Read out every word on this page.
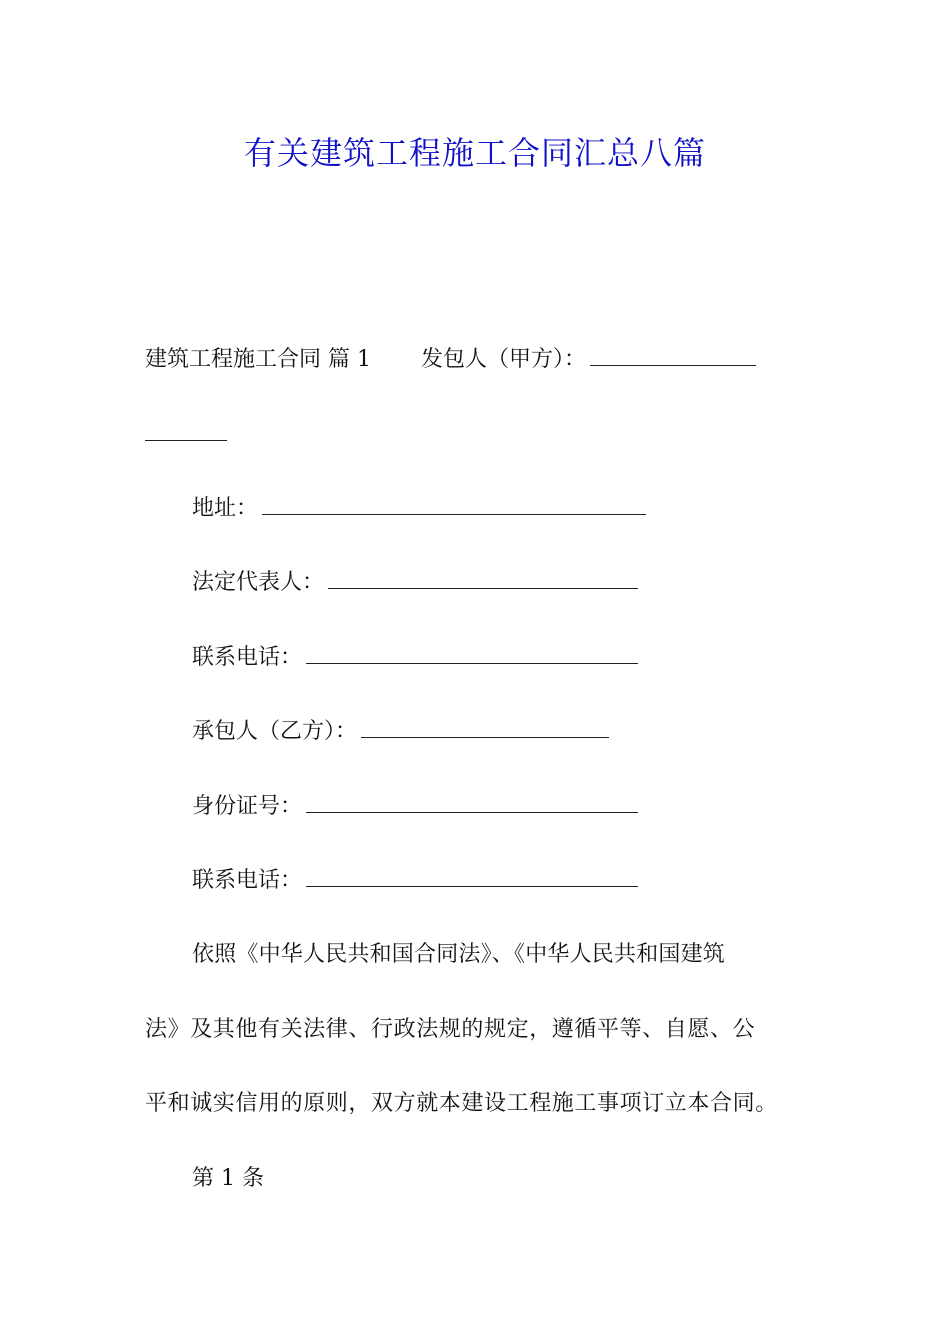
有关建筑工程施工合同汇总八篇
建筑工程施工合同 篇 1 发包人（甲方）：
地址：
法定代表人：
联系电话：
承包人（乙方）：
身份证号：
联系电话：
依照《中华人民共和国合同法》、《中华人民共和国建筑
法》及其他有关法律、行政法规的规定，遵循平等、自愿、公
平和诚实信用的原则，双方就本建设工程施工事项订立本合同。
第 1 条
